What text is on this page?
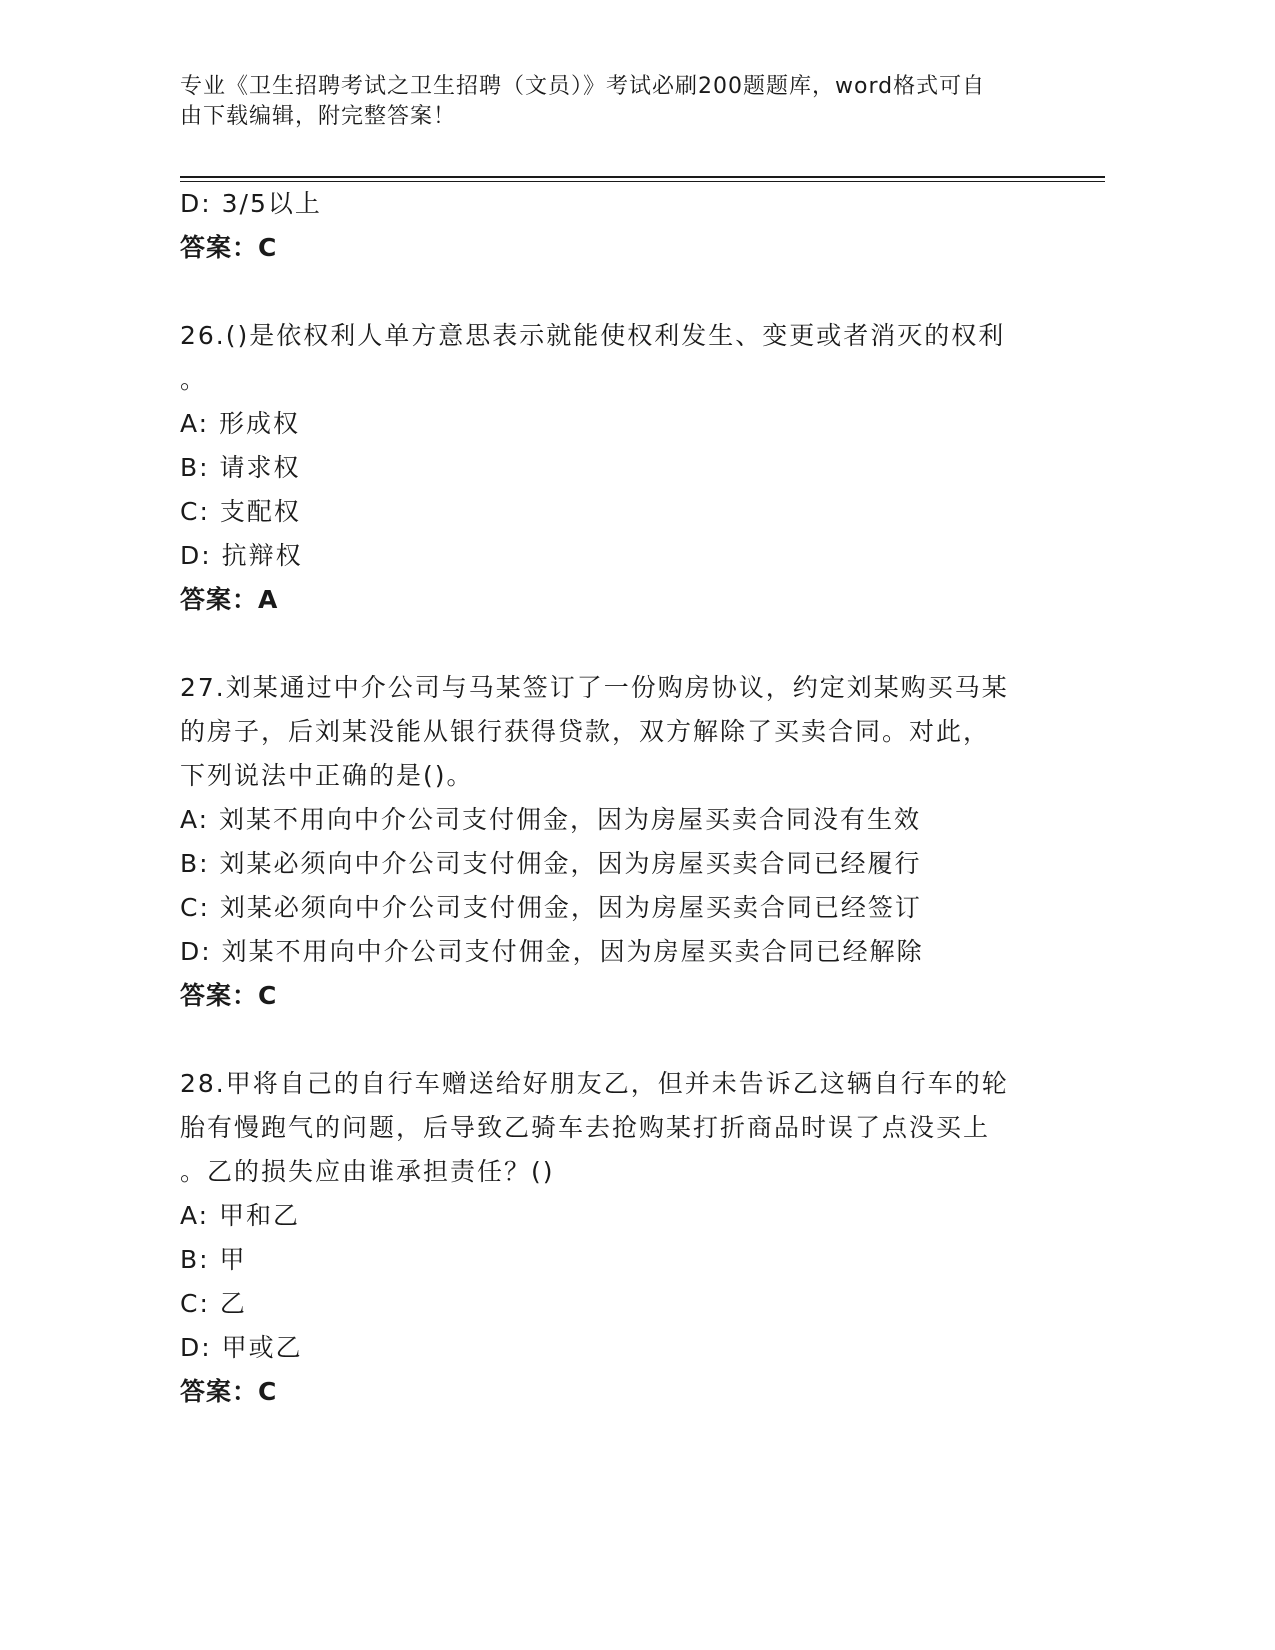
专业《卫生招聘考试之卫生招聘（文员）》考试必刷200题题库，word格式可自
由下载编辑，附完整答案！
D: 3/5以上
答案：C
26.()是依权利人单方意思表示就能使权利发生、变更或者消灭的权利
。
A: 形成权
B: 请求权
C: 支配权
D: 抗辩权
答案：A
27.刘某通过中介公司与马某签订了一份购房协议，约定刘某购买马某
的房子，后刘某没能从银行获得贷款，双方解除了买卖合同。对此，
下列说法中正确的是()。
A: 刘某不用向中介公司支付佣金，因为房屋买卖合同没有生效
B: 刘某必须向中介公司支付佣金，因为房屋买卖合同已经履行
C: 刘某必须向中介公司支付佣金，因为房屋买卖合同已经签订
D: 刘某不用向中介公司支付佣金，因为房屋买卖合同已经解除
答案：C
28.甲将自己的自行车赠送给好朋友乙，但并未告诉乙这辆自行车的轮
胎有慢跑气的问题，后导致乙骑车去抢购某打折商品时误了点没买上
。乙的损失应由谁承担责任？()
A: 甲和乙
B: 甲
C: 乙
D: 甲或乙
答案：C
